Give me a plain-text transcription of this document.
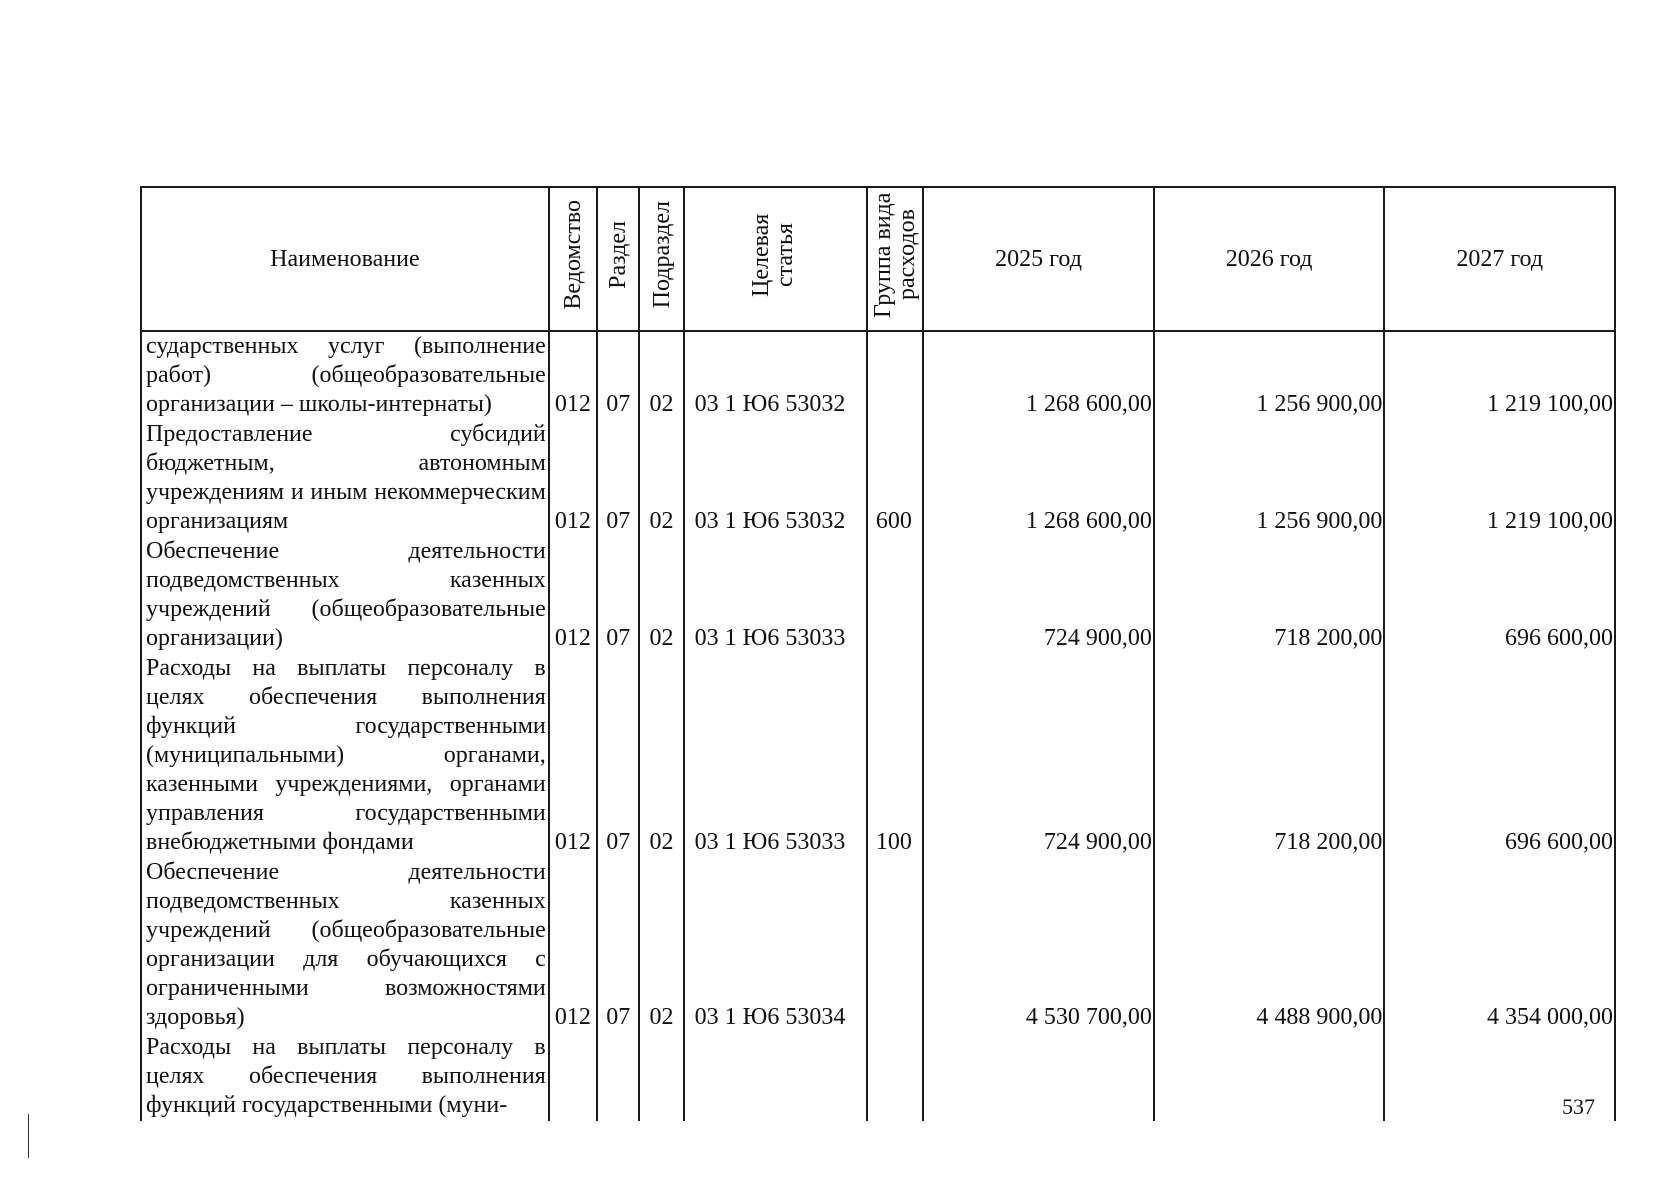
Наименование	Ведомство	Раздел	Подраздел	Целевая статья	Группа вида расходов	2025 год	2026 год	2027 год
сударственных услуг (выполнение работ) (общеобразовательные организации – школы-интернаты)	012	07	02	03 1 Ю6 53032		1 268 600,00	1 256 900,00	1 219 100,00
Предоставление субсидий бюджетным, автономным учреждениям и иным некоммерческим организациям	012	07	02	03 1 Ю6 53032	600	1 268 600,00	1 256 900,00	1 219 100,00
Обеспечение деятельности подведомственных казенных учреждений (общеобразовательные организации)	012	07	02	03 1 Ю6 53033		724 900,00	718 200,00	696 600,00
Расходы на выплаты персоналу в целях обеспечения выполнения функций государственными (муниципальными) органами, казенными учреждениями, органами управления государственными внебюджетными фондами	012	07	02	03 1 Ю6 53033	100	724 900,00	718 200,00	696 600,00
Обеспечение деятельности подведомственных казенных учреждений (общеобразовательные организации для обучающихся с ограниченными возможностями здоровья)	012	07	02	03 1 Ю6 53034		4 530 700,00	4 488 900,00	4 354 000,00
Расходы на выплаты персоналу в целях обеспечения выполнения функций государственными (муни-									537
